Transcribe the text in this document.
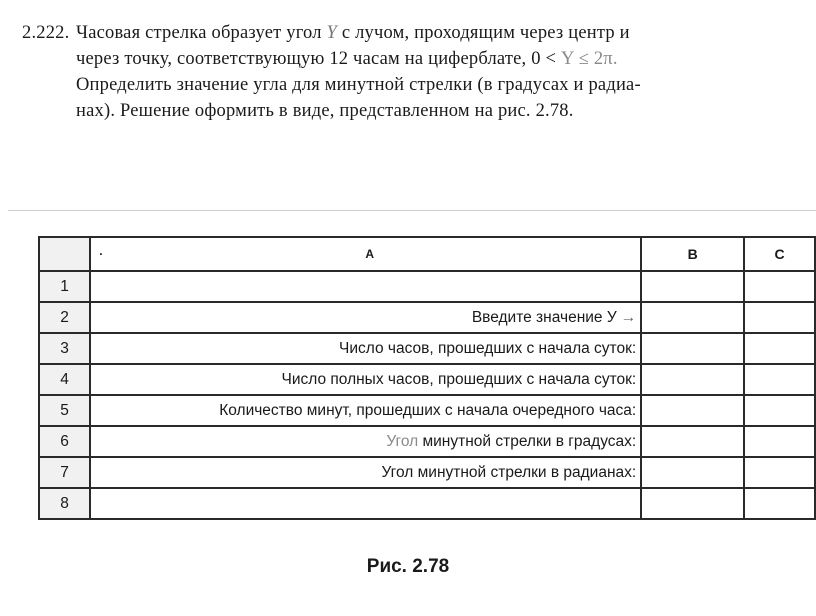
2.222. Часовая стрелка образует угол Y с лучом, проходящим через центр и
через точку, соответствующую 12 часам на циферблате, 0 < Y ≤ 2π.
Определить значение угла для минутной стрелки (в градусах и радиа-
нах). Решение оформить в виде, представленном на рис. 2.78.

	· A	B	C
1			
2	Введите значение У →		
3	Число часов, прошедших с начала суток:		
4	Число полных часов, прошедших с начала суток:		
5	Количество минут, прошедших с начала очередного часа:		
6	Угол минутной стрелки в градусах:		
7	Угол минутной стрелки в радианах:		
8			
Рис. 2.78
